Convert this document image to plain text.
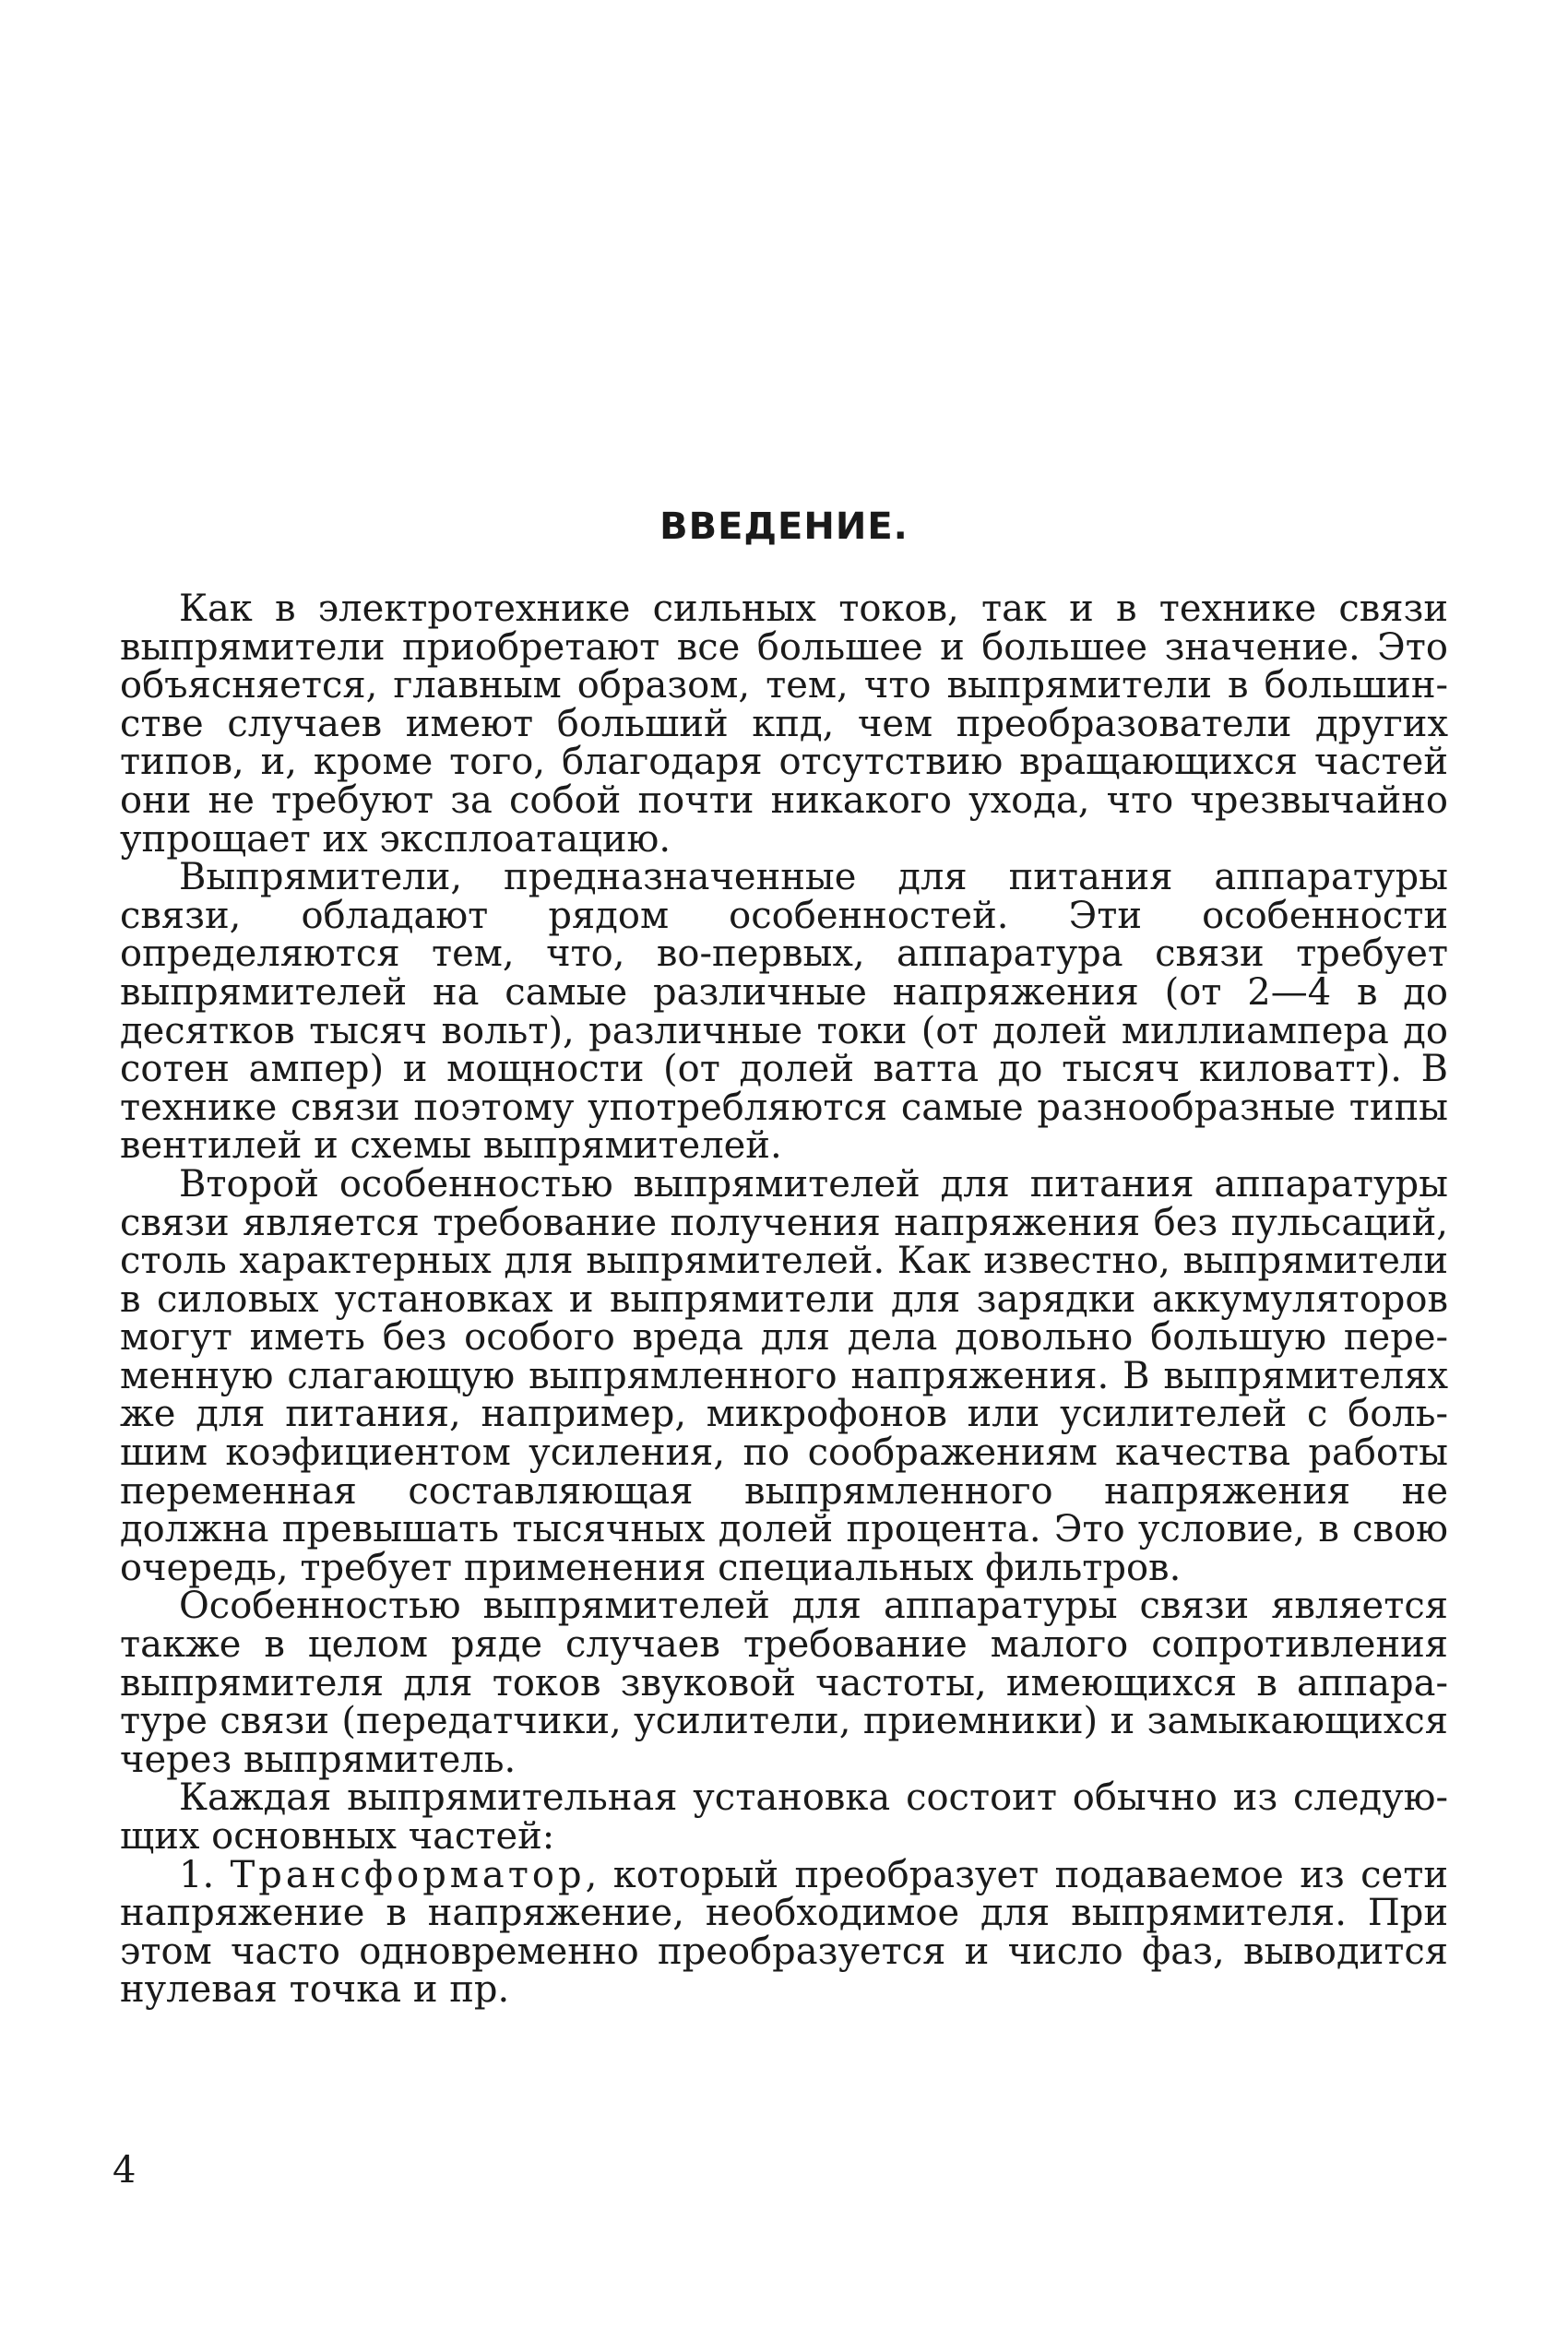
ВВЕДЕНИЕ.

Как в электротехнике сильных токов, так и в технике связи выпрямители приобретают все большее и большее значение. Это объясняется, главным образом, тем, что выпрямители в большинстве случаев имеют больший кпд, чем преобразователи других типов, и, кроме того, благодаря отсутствию вращающихся частей они не требуют за собой почти никакого ухода, что чрезвычайно упрощает их эксплоатацию.

Выпрямители, предназначенные для питания аппаратуры связи, обладают рядом особенностей. Эти особенности определяются тем, что, во-первых, аппаратура связи требует выпрямителей на самые различные напряжения (от 2—4 в до десятков тысяч вольт), различные токи (от долей миллиампера до сотен ампер) и мощности (от долей ватта до тысяч киловатт). В технике связи поэтому употребляются самые разнообразные типы вентилей и схемы выпрямителей.

Второй особенностью выпрямителей для питания аппаратуры связи является требование получения напряжения без пульсаций, столь характерных для выпрямителей. Как известно, выпрямители в силовых установках и выпрямители для зарядки аккумуляторов могут иметь без особого вреда для дела довольно большую переменную слагающую выпрямленного напряжения. В выпрямителях же для питания, например, микрофонов или усилителей с большим коэфициентом усиления, по соображениям качества работы переменная составляющая выпрямленного напряжения не должна превышать тысячных долей процента. Это условие, в свою очередь, требует применения специальных фильтров.

Особенностью выпрямителей для аппаратуры связи является также в целом ряде случаев требование малого сопротивления выпрямителя для токов звуковой частоты, имеющихся в аппаратуре связи (передатчики, усилители, приемники) и замыкающихся через выпрямитель.

Каждая выпрямительная установка состоит обычно из следующих основных частей:

1. Трансформатор, который преобразует подаваемое из сети напряжение в напряжение, необходимое для выпрямителя. При этом часто одновременно преобразуется и число фаз, выводится нулевая точка и пр.

4
